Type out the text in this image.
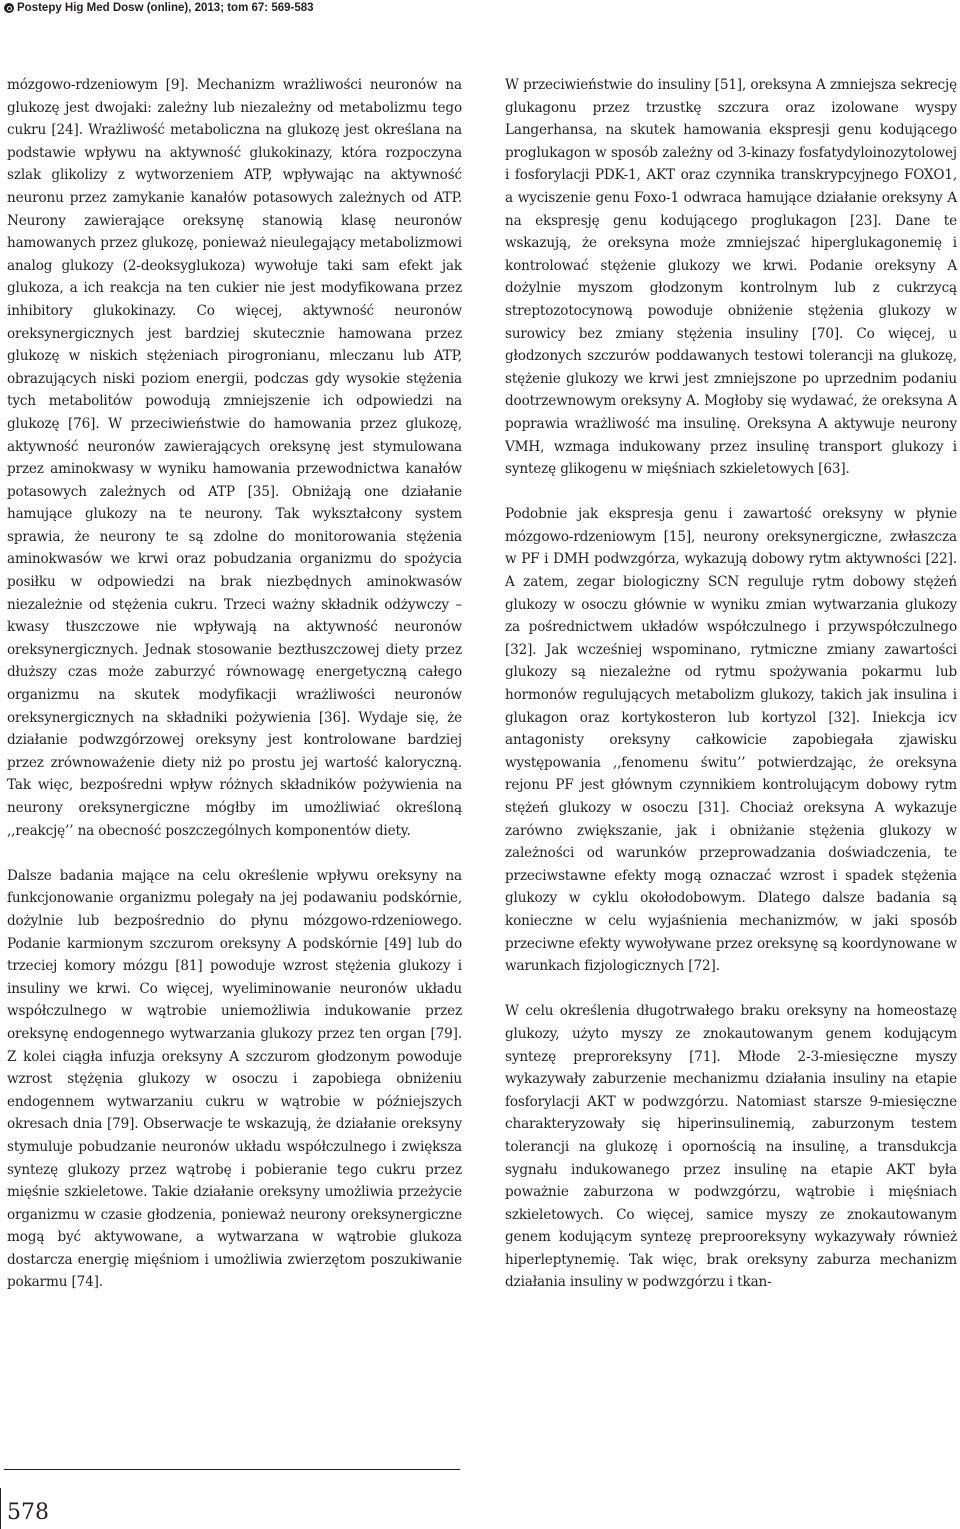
Postepy Hig Med Dosw (online), 2013; tom 67: 569-583

mózgowo-rdzeniowym [9]. Mechanizm wrażliwości neuronów na glukozę jest dwojaki: zależny lub niezależny od metabolizmu tego cukru [24]. Wrażliwość metaboliczna na glukozę jest określana na podstawie wpływu na aktywność glukokinazy, która rozpoczyna szlak glikolizy z wytworzeniem ATP, wpływając na aktywność neuronu przez zamykanie kanałów potasowych zależnych od ATP. Neurony zawierające oreksynę stanowią klasę neuronów hamowanych przez glukozę, ponieważ nieulegający metabolizmowi analog glukozy (2-deoksyglukoza) wywołuje taki sam efekt jak glukoza, a ich reakcja na ten cukier nie jest modyfikowana przez inhibitory glukokinazy. Co więcej, aktywność neuronów oreksynergicznych jest bardziej skutecznie hamowana przez glukozę w niskich stężeniach pirogronianu, mleczanu lub ATP, obrazujących niski poziom energii, podczas gdy wysokie stężenia tych metabolitów powodują zmniejszenie ich odpowiedzi na glukozę [76]. W przeciwieństwie do hamowania przez glukozę, aktywność neuronów zawierających oreksynę jest stymulowana przez aminokwasy w wyniku hamowania przewodnictwa kanałów potasowych zależnych od ATP [35]. Obniżają one działanie hamujące glukozy na te neurony. Tak wykształcony system sprawia, że neurony te są zdolne do monitorowania stężenia aminokwasów we krwi oraz pobudzania organizmu do spożycia posiłku w odpowiedzi na brak niezbędnych aminokwasów niezależnie od stężenia cukru. Trzeci ważny składnik odżywczy – kwasy tłuszczowe nie wpływają na aktywność neuronów oreksynergicznych. Jednak stosowanie beztłuszczowej diety przez dłuższy czas może zaburzyć równowagę energetyczną całego organizmu na skutek modyfikacji wrażliwości neuronów oreksynergicznych na składniki pożywienia [36]. Wydaje się, że działanie podwzgórzowej oreksyny jest kontrolowane bardziej przez zrównoważenie diety niż po prostu jej wartość kaloryczną. Tak więc, bezpośredni wpływ różnych składników pożywienia na neurony oreksynergiczne mógłby im umożliwiać określoną ,,reakcję’’ na obecność poszczególnych komponentów diety.

Dalsze badania mające na celu określenie wpływu oreksyny na funkcjonowanie organizmu polegały na jej podawaniu podskórnie, dożylnie lub bezpośrednio do płynu mózgowo-rdzeniowego. Podanie karmionym szczurom oreksyny A podskórnie [49] lub do trzeciej komory mózgu [81] powoduje wzrost stężenia glukozy i insuliny we krwi. Co więcej, wyeliminowanie neuronów układu współczulnego w wątrobie uniemożliwia indukowanie przez oreksynę endogennego wytwarzania glukozy przez ten organ [79]. Z kolei ciągła infuzja oreksyny A szczurom głodzonym powoduje wzrost stężęnia glukozy w osoczu i zapobiega obniżeniu endogennem wytwarzaniu cukru w wątrobie w późniejszych okresach dnia [79]. Obserwacje te wskazują, że działanie oreksyny stymuluje pobudzanie neuronów układu współczulnego i zwiększa syntezę glukozy przez wątrobę i pobieranie tego cukru przez mięśnie szkieletowe. Takie działanie oreksyny umożliwia przeżycie organizmu w czasie głodzenia, ponieważ neurony oreksynergiczne mogą być aktywowane, a wytwarzana w wątrobie glukoza dostarcza energię mięśniom i umożliwia zwierzętom poszukiwanie pokarmu [74].

W przeciwieństwie do insuliny [51], oreksyna A zmniejsza sekrecję glukagonu przez trzustkę szczura oraz izolowane wyspy Langerhansa, na skutek hamowania ekspresji genu kodującego proglukagon w sposób zależny od 3-kinazy fosfatydyloinozytolowej i fosforylacji PDK-1, AKT oraz czynnika transkrypcyjnego FOXO1, a wyciszenie genu Foxo-1 odwraca hamujące działanie oreksyny A na ekspresję genu kodującego proglukagon [23]. Dane te wskazują, że oreksyna może zmniejszać hiperglukagonemię i kontrolować stężenie glukozy we krwi. Podanie oreksyny A dożylnie myszom głodzonym kontrolnym lub z cukrzycą streptozotocynową powoduje obniżenie stężenia glukozy w surowicy bez zmiany stężenia insuliny [70]. Co więcej, u głodzonych szczurów poddawanych testowi tolerancji na glukozę, stężenie glukozy we krwi jest zmniejszone po uprzednim podaniu dootrzewnowym oreksyny A. Mogłoby się wydawać, że oreksyna A poprawia wrażliwość ma insulinę. Oreksyna A aktywuje neurony VMH, wzmaga indukowany przez insulinę transport glukozy i syntezę glikogenu w mięśniach szkieletowych [63].

Podobnie jak ekspresja genu i zawartość oreksyny w płynie mózgowo-rdzeniowym [15], neurony oreksynergiczne, zwłaszcza w PF i DMH podwzgórza, wykazują dobowy rytm aktywności [22]. A zatem, zegar biologiczny SCN reguluje rytm dobowy stężeń glukozy w osoczu głównie w wyniku zmian wytwarzania glukozy za pośrednictwem układów współczulnego i przywspółczulnego [32]. Jak wcześniej wspominano, rytmiczne zmiany zawartości glukozy są niezależne od rytmu spożywania pokarmu lub hormonów regulujących metabolizm glukozy, takich jak insulina i glukagon oraz kortykosteron lub kortyzol [32]. Iniekcja icv antagonisty oreksyny całkowicie zapobiegała zjawisku występowania ,,fenomenu świtu’’ potwierdzając, że oreksyna rejonu PF jest głównym czynnikiem kontrolującym dobowy rytm stężeń glukozy w osoczu [31]. Chociaż oreksyna A wykazuje zarówno zwiększanie, jak i obniżanie stężenia glukozy w zależności od warunków przeprowadzania doświadczenia, te przeciwstawne efekty mogą oznaczać wzrost i spadek stężenia glukozy w cyklu okołodobowym. Dlatego dalsze badania są konieczne w celu wyjaśnienia mechanizmów, w jaki sposób przeciwne efekty wywoływane przez oreksynę są koordynowane w warunkach fizjologicznych [72].

W celu określenia długotrwałego braku oreksyny na homeostazę glukozy, użyto myszy ze znokautowanym genem kodującym syntezę preproreksyny [71]. Młode 2-3-miesięczne myszy wykazywały zaburzenie mechanizmu działania insuliny na etapie fosforylacji AKT w podwzgórzu. Natomiast starsze 9-miesięczne charakteryzowały się hiperinsulinemią, zaburzonym testem tolerancji na glukozę i opornością na insulinę, a transdukcja sygnału indukowanego przez insulinę na etapie AKT była poważnie zaburzona w podwzgórzu, wątrobie i mięśniach szkieletowych. Co więcej, samice myszy ze znokautowanym genem kodującym syntezę preprooreksyny wykazywały również hiperleptynemię. Tak więc, brak oreksyny zaburza mechanizm działania insuliny w podwzgórzu i tkan-

578
